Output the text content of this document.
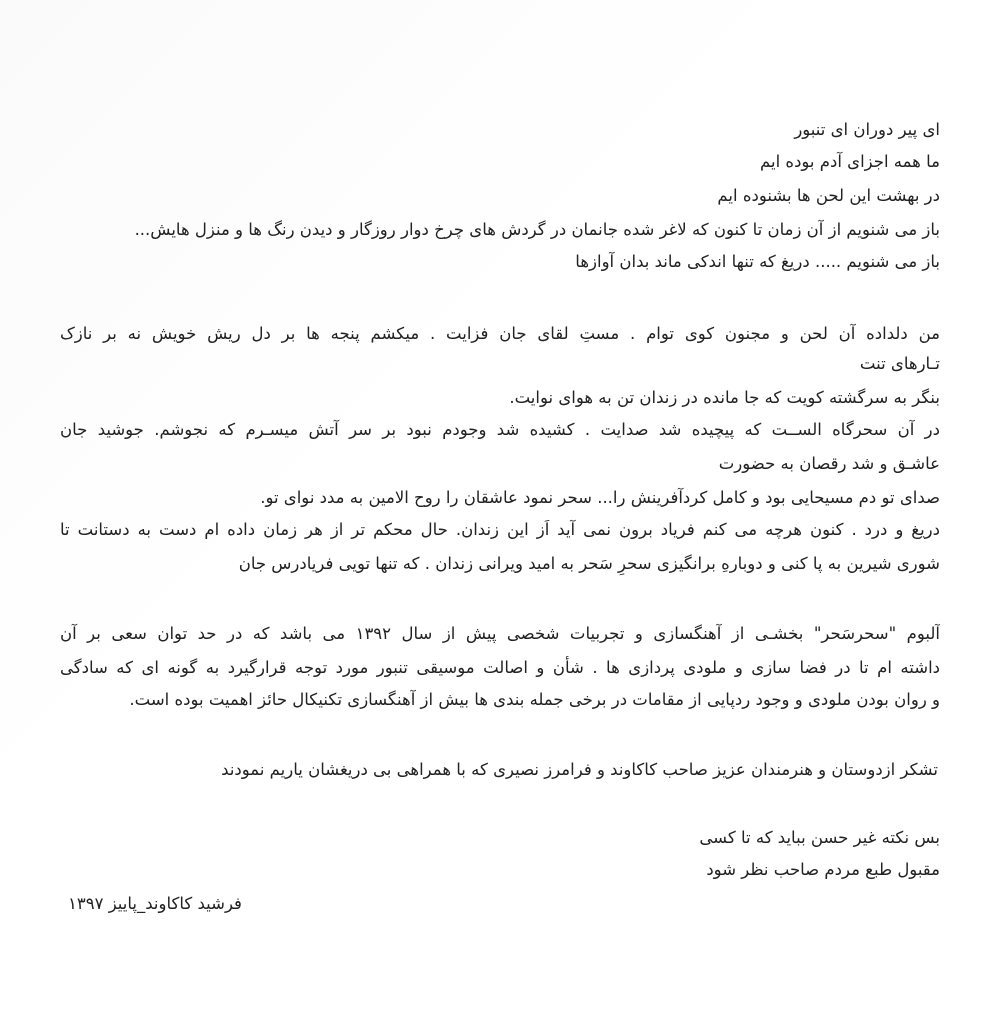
ای پیر دوران ای تنبور
ما همه اجزای آدم بوده ایم
در بهشت این لحن ها بشنوده ایم
باز می شنویم از آن زمان تا کنون که لاغر شده جانمان در گردش های چرخ دوار روزگار و دیدن رنگ ها و منزل هایش...
باز می شنویم ..... دریغ که تنها اندکی ماند بدان آوازها
من دلداده آن لحن و مجنون کوی توام . مستِ لقای جان فزایت . میکشم پنجه ها بر دل ریش خویش نه بر نازک
تـارهای تنت
بنگر به سرگشته کویت که جا مانده در زندان تن به هوای نوایت.
در آن سحرگاه الســت که پیچیده شد صدایت . کشیده شد وجودم نبود بر سر آتش میسـرم که نجوشم. جوشید جان
عاشـق و شد رقصان به حضورت
صدای تو دم مسیحایی بود و کامل کردآفرینش را... سحر نمود عاشقان را روح الامین به مدد نوای تو.
دریغ و درد . کنون هرچه می کنم فریاد برون نمی آید اَز این زندان. حال محکم تر از هر زمان داده ام دست به دستانت تا
شوری شیرین به پا کنی و دوبارهِ برانگیزی سحرِ سَحر به امید ویرانی زندان . که تنها تویی فریادرس جان
آلبوم "سحرسَحر" بخشـی از آهنگسازی و تجربیات شخصی پیش از سال ۱۳۹۲ می باشد که در حد توان سعی بر آن
داشته ام تا در فضا سازی و ملودی پردازی ها . شأن و اصالت موسیقی تنبور مورد توجه قرارگیرد به گونه ای که سادگی
و روان بودن ملودی و وجود ردپایی از مقامات در برخی جمله بندی ها بیش از آهنگسازی تکنیکال حائز اهمیت بوده است.
تشکر ازدوستان و هنرمندان عزیز صاحب کاکاوند و فرامرز نصیری که با همراهی بی دریغشان یاریم نمودند
بس نکته غیر حسن بباید که تا کسی
مقبول طبع مردم صاحب نظر شود
فرشید کاکاوند_پاییز ۱۳۹۷
